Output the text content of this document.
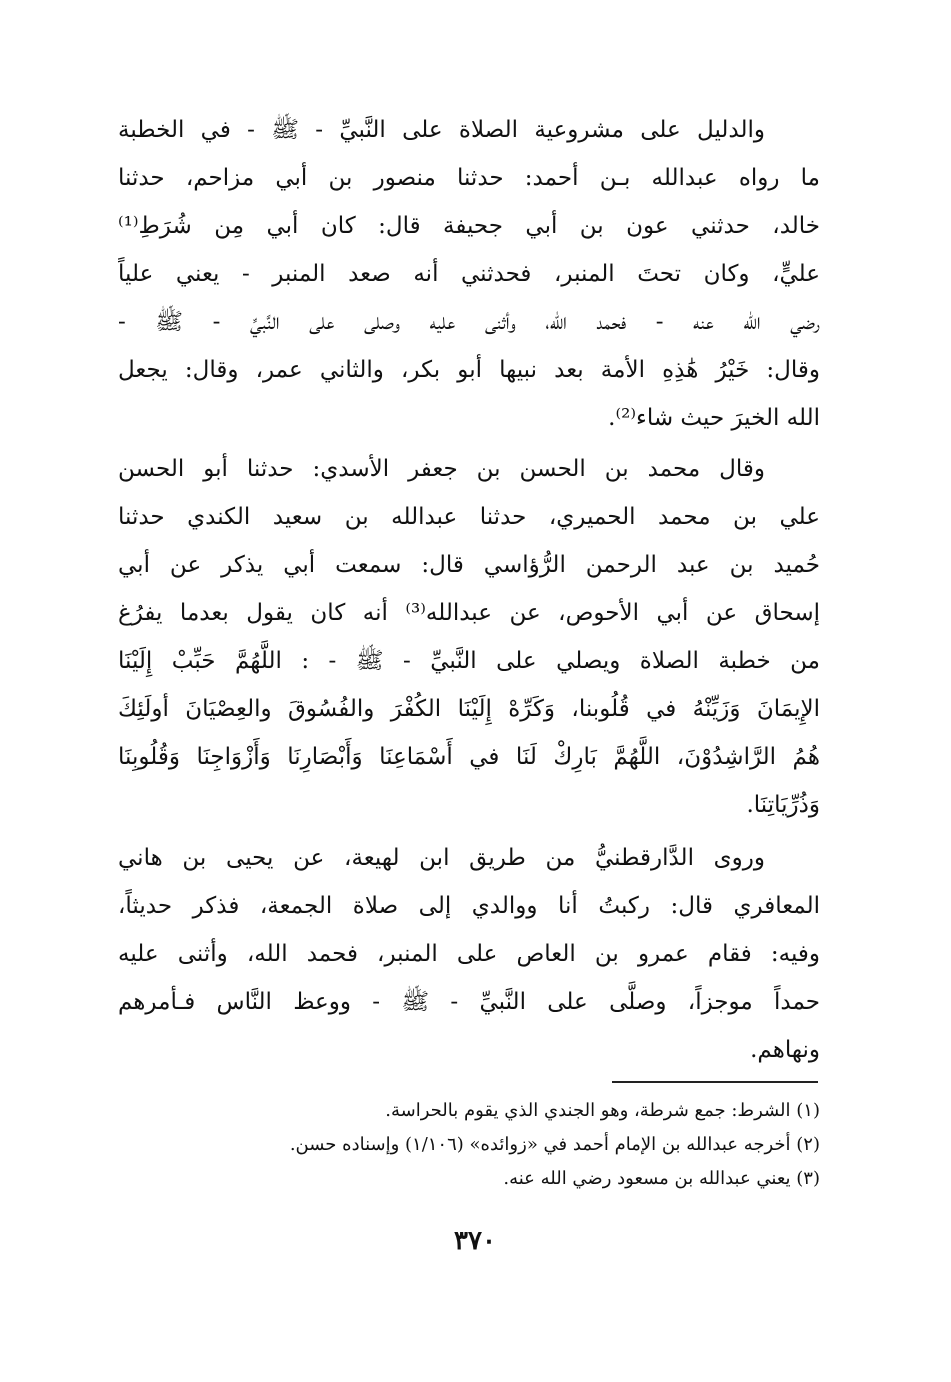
والدليل على مشروعية الصلاة على النَّبيِّ - ﷺ - في الخطبة
ما رواه عبدالله بـن أحمد: حدثنا منصور بن أبي مزاحم، حدثنا
خالد، حدثني عون بن أبي جحيفة قال: كان أبي مِن شُرَطِ⁽¹⁾
عليٍّ، وكان تحتَ المنبر، فحدثني أنه صعد المنبر - يعني علياً
رضي الله عنه - فحمد الله، وأثنى عليه وصلى على النَّبيِّ - ﷺ -
وقال: خَيْرُ هَٰذِهِ الأمة بعد نبيها أبو بكر، والثاني عمر، وقال: يجعل
الله الخيرَ حيث شاء⁽²⁾.
وقال محمد بن الحسن بن جعفر الأسدي: حدثنا أبو الحسن
علي بن محمد الحميري، حدثنا عبدالله بن سعيد الكندي حدثنا
حُميد بن عبد الرحمن الرُّؤاسي قال: سمعت أبي يذكر عن أبي
إسحاق عن أبي الأحوص، عن عبدالله⁽³⁾ أنه كان يقول بعدما يفرُغ
من خطبة الصلاة ويصلي على النَّبيِّ - ﷺ - : اللَّهُمَّ حَبِّبْ إِلَيْنَا
الإِيمَانَ وَزَيِّنْهُ في قُلُوبنا، وَكَرِّهْ إِلَيْنَا الكُفْرَ والفُسُوقَ والعِصْيَانَ أولَئِكَ
هُمُ الرَّاشِدُوْنَ، اللَّهُمَّ بَارِكْ لَنَا في أَسْمَاعِنَا وَأَبْصَارِنَا وَأَزْوَاجِنَا وَقُلُوبِنَا
وَذُرِّيَاتِنَا.
وروى الدَّارقطنيُّ من طريق ابن لهيعة، عن يحيى بن هاني
المعافري قال: ركبتُ أنا ووالدي إلى صلاة الجمعة، فذكر حديثاً،
وفيه: فقام عمرو بن العاص على المنبر، فحمد الله، وأثنى عليه
حمداً موجزاً، وصلَّى على النَّبيِّ - ﷺ - ووعظ النَّاس فـأمرهم
ونهاهم.
(١) الشرط: جمع شرطة، وهو الجندي الذي يقوم بالحراسة.
(٢) أخرجه عبدالله بن الإمام أحمد في «زوائده» (١/١٠٦) وإسناده حسن.
(٣) يعني عبدالله بن مسعود رضي الله عنه.
٣٧٠
